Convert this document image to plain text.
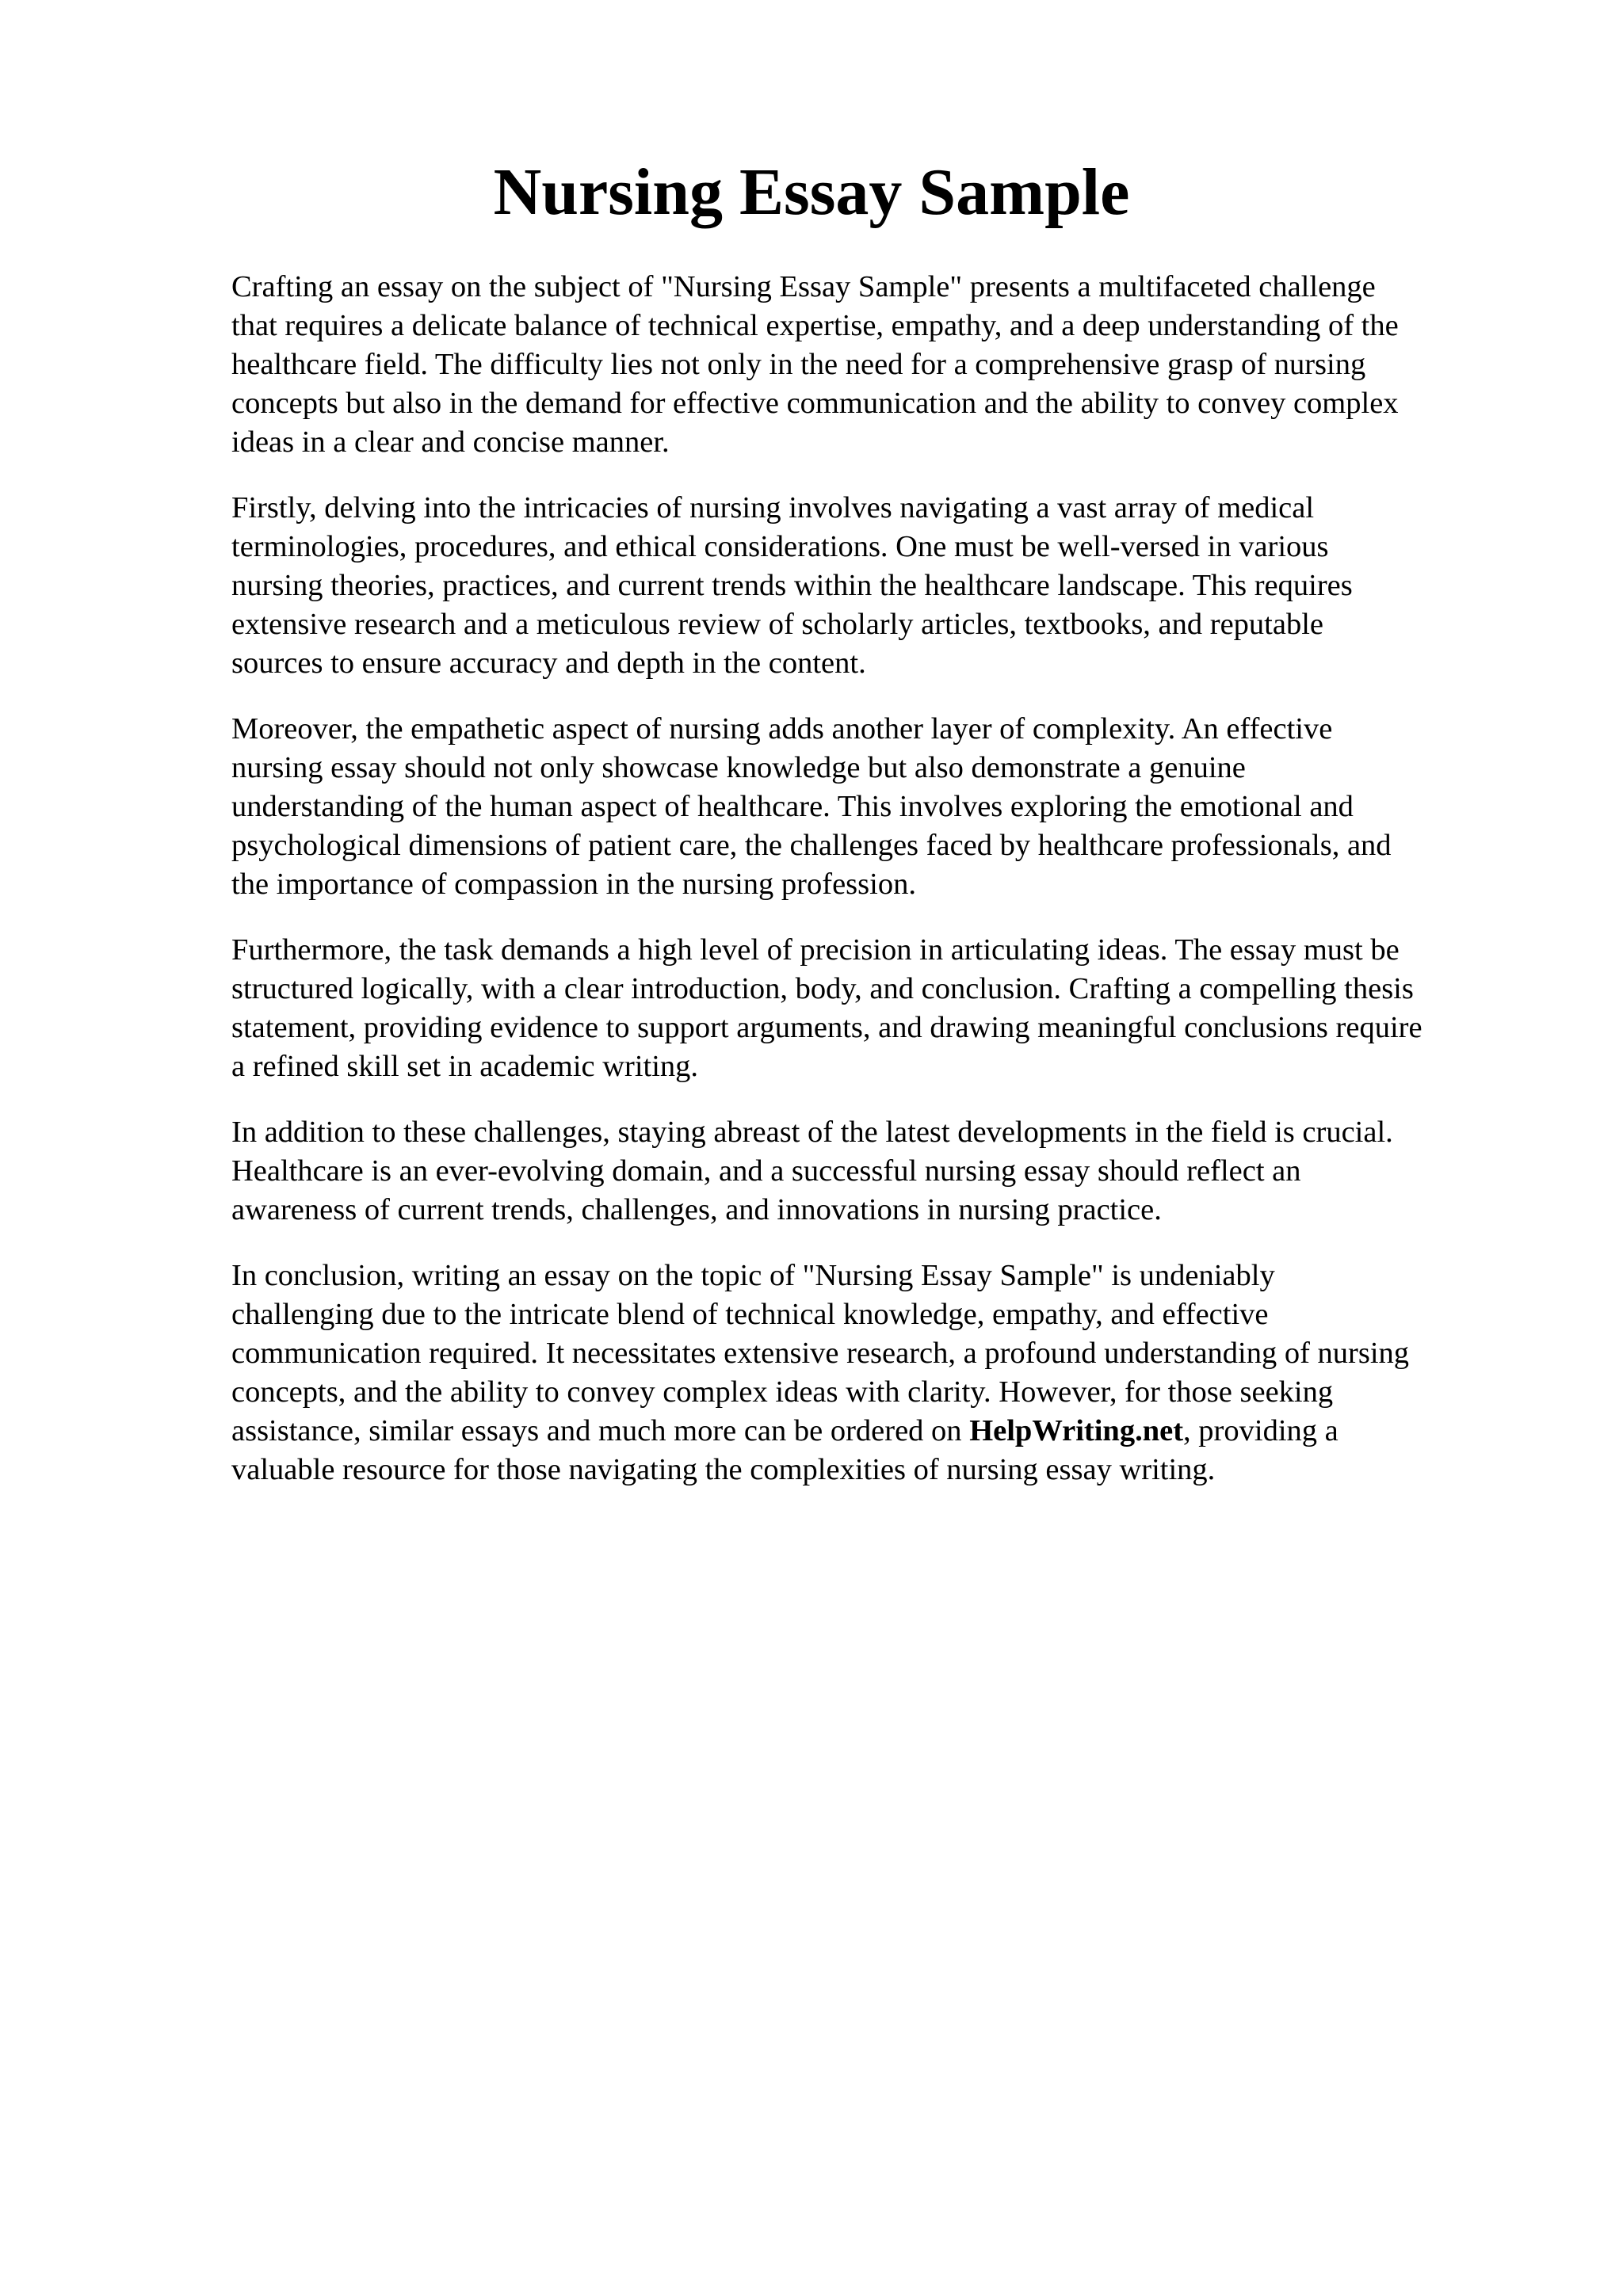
Nursing Essay Sample

Crafting an essay on the subject of "Nursing Essay Sample" presents a multifaceted challenge
that requires a delicate balance of technical expertise, empathy, and a deep understanding of the
healthcare field. The difficulty lies not only in the need for a comprehensive grasp of nursing
concepts but also in the demand for effective communication and the ability to convey complex
ideas in a clear and concise manner.

Firstly, delving into the intricacies of nursing involves navigating a vast array of medical
terminologies, procedures, and ethical considerations. One must be well-versed in various
nursing theories, practices, and current trends within the healthcare landscape. This requires
extensive research and a meticulous review of scholarly articles, textbooks, and reputable
sources to ensure accuracy and depth in the content.

Moreover, the empathetic aspect of nursing adds another layer of complexity. An effective
nursing essay should not only showcase knowledge but also demonstrate a genuine
understanding of the human aspect of healthcare. This involves exploring the emotional and
psychological dimensions of patient care, the challenges faced by healthcare professionals, and
the importance of compassion in the nursing profession.

Furthermore, the task demands a high level of precision in articulating ideas. The essay must be
structured logically, with a clear introduction, body, and conclusion. Crafting a compelling thesis
statement, providing evidence to support arguments, and drawing meaningful conclusions require
a refined skill set in academic writing.

In addition to these challenges, staying abreast of the latest developments in the field is crucial.
Healthcare is an ever-evolving domain, and a successful nursing essay should reflect an
awareness of current trends, challenges, and innovations in nursing practice.

In conclusion, writing an essay on the topic of "Nursing Essay Sample" is undeniably
challenging due to the intricate blend of technical knowledge, empathy, and effective
communication required. It necessitates extensive research, a profound understanding of nursing
concepts, and the ability to convey complex ideas with clarity. However, for those seeking
assistance, similar essays and much more can be ordered on HelpWriting.net, providing a
valuable resource for those navigating the complexities of nursing essay writing.
